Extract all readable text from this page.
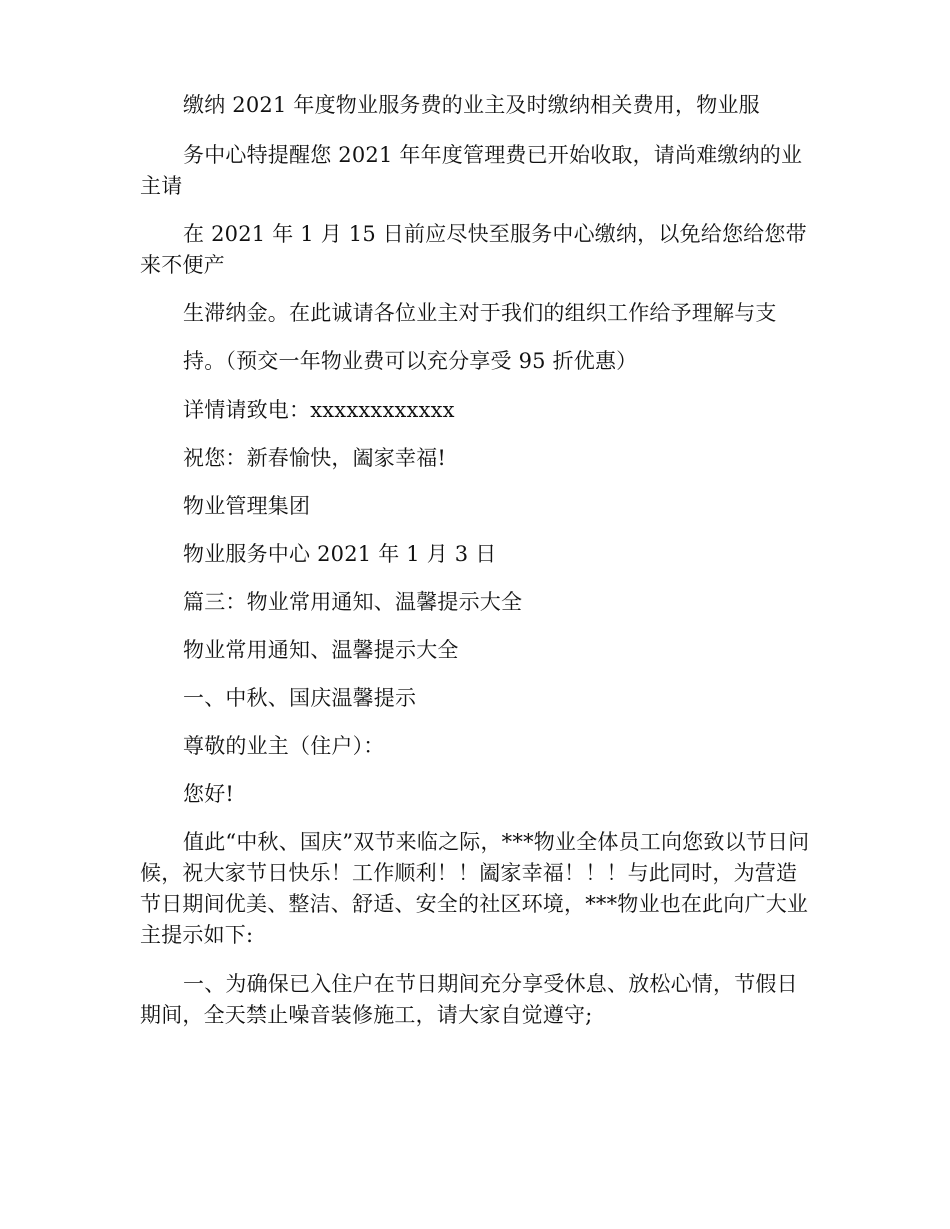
缴纳 2021 年度物业服务费的业主及时缴纳相关费用，物业服

务中心特提醒您 2021 年年度管理费已开始收取，请尚难缴纳的业主请

在 2021 年 1 月 15 日前应尽快至服务中心缴纳，以免给您给您带来不便产

生滞纳金。在此诚请各位业主对于我们的组织工作给予理解与支

持。（预交一年物业费可以充分享受 95 折优惠）

详情请致电：xxxxxxxxxxxx

祝您：新春愉快，阖家幸福!

物业管理集团

物业服务中心 2021 年 1 月 3 日

篇三：物业常用通知、温馨提示大全

物业常用通知、温馨提示大全

一、中秋、国庆温馨提示

尊敬的业主（住户）：

您好!

值此“中秋、国庆”双节来临之际，***物业全体员工向您致以节日问候，祝大家节日快乐！工作顺利！！阖家幸福！！！与此同时，为营造节日期间优美、整洁、舒适、安全的社区环境，***物业也在此向广大业主提示如下:

一、为确保已入住户在节日期间充分享受休息、放松心情，节假日期间，全天禁止噪音装修施工，请大家自觉遵守;
